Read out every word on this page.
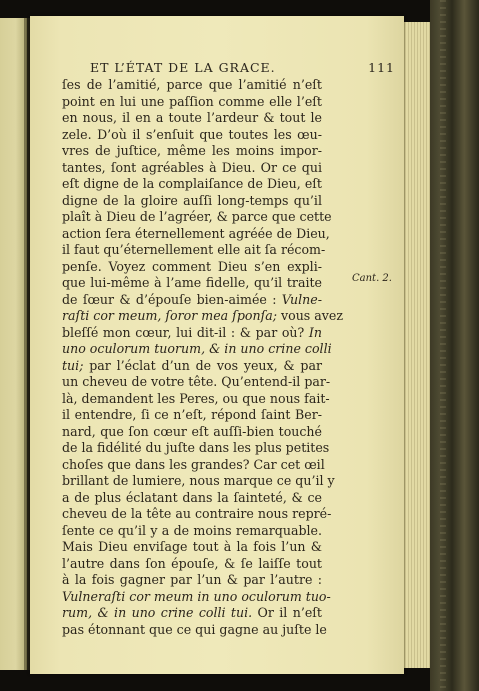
ET L’ÉTAT DE LA GRACE.	111
ſes de l’amitié, parce que l’amitié n’eſt
point en lui une paſſion comme elle l’eſt
en nous, il en a toute l’ardeur & tout le
zele. D’où il s’enſuit que toutes les œu-
vres de juſtice, même les moins impor-
tantes, ſont agréables à Dieu. Or ce qui
eſt digne de la complaiſance de Dieu, eſt
digne de la gloire auſſi long-temps qu’il
plaît à Dieu de l’agréer, & parce que cette
action ſera éternellement agréée de Dieu,
il faut qu’éternellement elle ait ſa récom-
penſe. Voyez comment Dieu s’en expli-
que lui-même à l’ame fidelle, qu’il traite
de ſœur & d’épouſe bien-aimée : Vulne-
raſti cor meum, ſoror mea ſponſa; vous avez
bleſſé mon cœur, lui dit-il : & par où? In
uno oculorum tuorum, & in uno crine colli
tui; par l’éclat d’un de vos yeux, & par
un cheveu de votre tête. Qu’entend-il par-
là, demandent les Peres, ou que nous fait-
il entendre, ſi ce n’eſt, répond ſaint Ber-
nard, que ſon cœur eſt auſſi-bien touché
de la fidélité du juſte dans les plus petites
choſes que dans les grandes? Car cet œil
brillant de lumiere, nous marque ce qu’il y
a de plus éclatant dans la ſainteté, & ce
cheveu de la tête au contraire nous repré-
ſente ce qu’il y a de moins remarquable.
Mais Dieu enviſage tout à la fois l’un &
l’autre dans ſon épouſe, & ſe laiſſe tout
à la fois gagner par l’un & par l’autre :
Vulneraſti cor meum in uno oculorum tuo-
rum, & in uno crine colli tui. Or il n’eſt
pas étonnant que ce qui gagne au juſte le
Cant. 2.
